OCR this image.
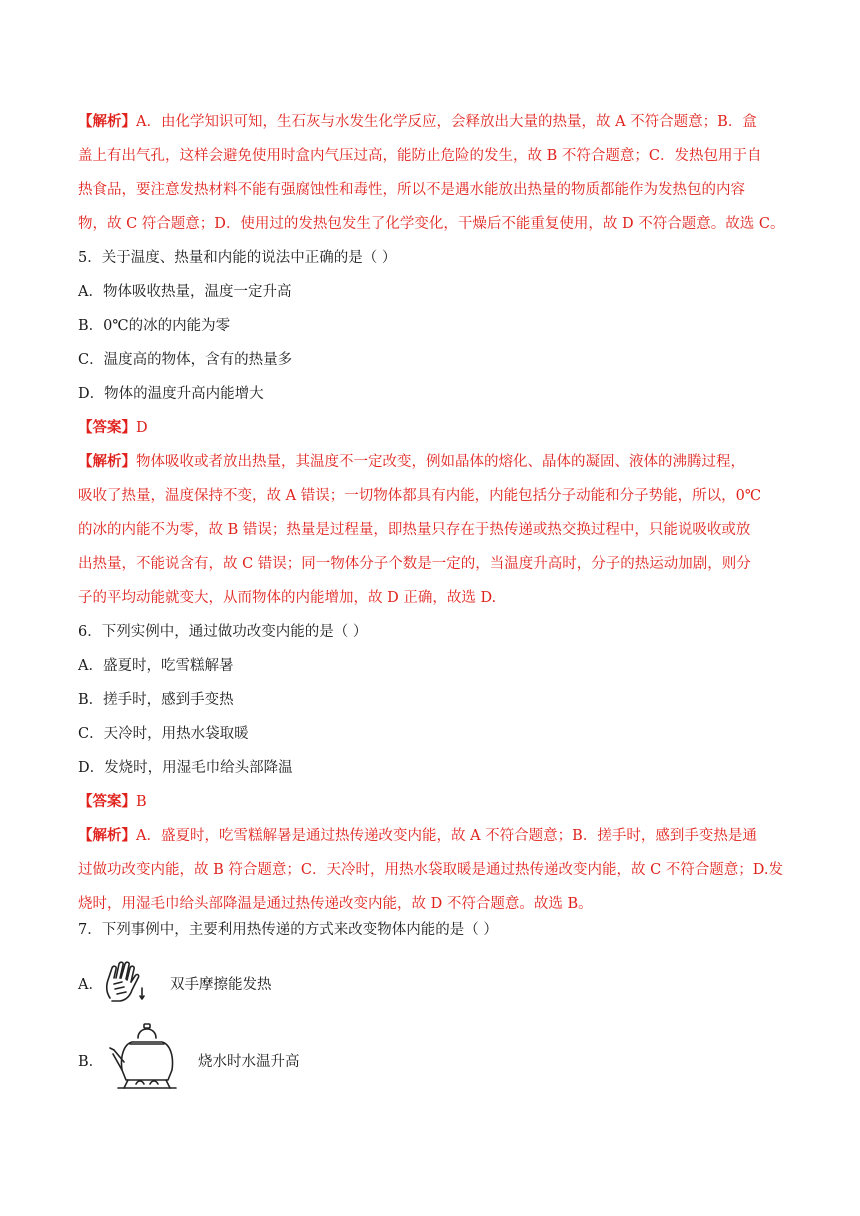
【解析】A．由化学知识可知，生石灰与水发生化学反应，会释放出大量的热量，故 A 不符合题意；B．盒
盖上有出气孔，这样会避免使用时盒内气压过高，能防止危险的发生，故 B 不符合题意；C．发热包用于自
热食品，要注意发热材料不能有强腐蚀性和毒性，所以不是遇水能放出热量的物质都能作为发热包的内容
物，故 C 符合题意；D．使用过的发热包发生了化学变化，干燥后不能重复使用，故 D 不符合题意。故选 C。
5．关于温度、热量和内能的说法中正确的是（ ）
A．物体吸收热量，温度一定升高
B．0℃的冰的内能为零
C．温度高的物体，含有的热量多
D．物体的温度升高内能增大
【答案】D
【解析】物体吸收或者放出热量，其温度不一定改变，例如晶体的熔化、晶体的凝固、液体的沸腾过程，
吸收了热量，温度保持不变，故 A 错误；一切物体都具有内能，内能包括分子动能和分子势能，所以，0℃
的冰的内能不为零，故 B 错误；热量是过程量，即热量只存在于热传递或热交换过程中，只能说吸收或放
出热量，不能说含有，故 C 错误；同一物体分子个数是一定的，当温度升高时，分子的热运动加剧，则分
子的平均动能就变大，从而物体的内能增加，故 D 正确，故选 D.
6．下列实例中，通过做功改变内能的是（ ）
A．盛夏时，吃雪糕解暑
B．搓手时，感到手变热
C．天冷时，用热水袋取暖
D．发烧时，用湿毛巾给头部降温
【答案】B
【解析】A．盛夏时，吃雪糕解暑是通过热传递改变内能，故 A 不符合题意；B．搓手时，感到手变热是通
过做功改变内能，故 B 符合题意；C．天冷时，用热水袋取暖是通过热传递改变内能，故 C 不符合题意；D.发
烧时，用湿毛巾给头部降温是通过热传递改变内能，故 D 不符合题意。故选 B。
7．下列事例中，主要利用热传递的方式来改变物体内能的是（ ）
A．	双手摩擦能发热
B．	烧水时水温升高
